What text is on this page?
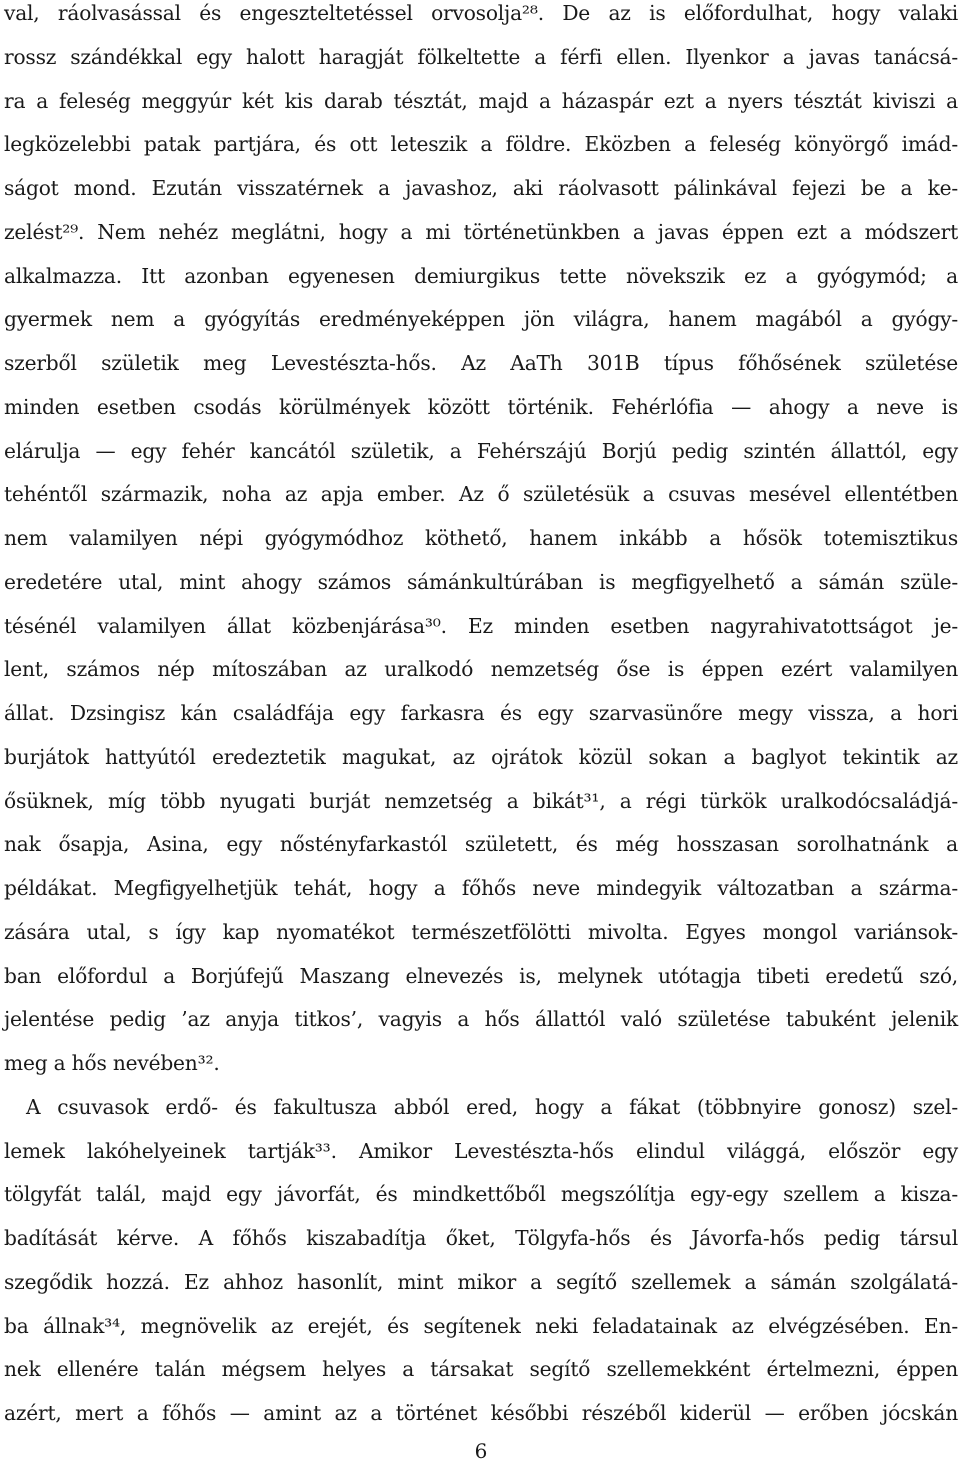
val, ráolvasással és engeszteltetéssel orvosolja²⁸. De az is előfordulhat, hogy valaki
rossz szándékkal egy halott haragját fölkeltette a férfi ellen. Ilyenkor a javas tanácsá-
ra a feleség meggyúr két kis darab tésztát, majd a házaspár ezt a nyers tésztát kiviszi a
legközelebbi patak partjára, és ott leteszik a földre. Eközben a feleség könyörgő imád-
ságot mond. Ezután visszatérnek a javashoz, aki ráolvasott pálinkával fejezi be a ke-
zelést²⁹. Nem nehéz meglátni, hogy a mi történetünkben a javas éppen ezt a módszert
alkalmazza. Itt azonban egyenesen demiurgikus tette növekszik ez a gyógymód; a
gyermek nem a gyógyítás eredményeképpen jön világra, hanem magából a gyógy-
szerből születik meg Levestészta-hős. Az AaTh 301B típus főhősének születése
minden esetben csodás körülmények között történik. Fehérlófia — ahogy a neve is
elárulja — egy fehér kancától születik, a Fehérszájú Borjú pedig szintén állattól, egy
tehéntől származik, noha az apja ember. Az ő születésük a csuvas mesével ellentétben
nem valamilyen népi gyógymódhoz köthető, hanem inkább a hősök totemisztikus
eredetére utal, mint ahogy számos sámánkultúrában is megfigyelhető a sámán szüle-
tésénél valamilyen állat közbenjárása³⁰. Ez minden esetben nagyrahivatottságot je-
lent, számos nép mítoszában az uralkodó nemzetség őse is éppen ezért valamilyen
állat. Dzsingisz kán családfája egy farkasra és egy szarvasünőre megy vissza, a hori
burjátok hattyútól eredeztetik magukat, az ojrátok közül sokan a baglyot tekintik az
ősüknek, míg több nyugati burját nemzetség a bikát³¹, a régi türkök uralkodócsaládjá-
nak ősapja, Asina, egy nőstényfarkastól született, és még hosszasan sorolhatnánk a
példákat. Megfigyelhetjük tehát, hogy a főhős neve mindegyik változatban a szárma-
zására utal, s így kap nyomatékot természetfölötti mivolta. Egyes mongol variánsok-
ban előfordul a Borjúfejű Maszang elnevezés is, melynek utótagja tibeti eredetű szó,
jelentése pedig ’az anyja titkos’, vagyis a hős állattól való születése tabuként jelenik
meg a hős nevében³².
A csuvasok erdő- és fakultusza abból ered, hogy a fákat (többnyire gonosz) szel-
lemek lakóhelyeinek tartják³³. Amikor Levestészta-hős elindul világgá, először egy
tölgyfát talál, majd egy jávorfát, és mindkettőből megszólítja egy-egy szellem a kisza-
badítását kérve. A főhős kiszabadítja őket, Tölgyfa-hős és Jávorfa-hős pedig társul
szegődik hozzá. Ez ahhoz hasonlít, mint mikor a segítő szellemek a sámán szolgálatá-
ba állnak³⁴, megnövelik az erejét, és segítenek neki feladatainak az elvégzésében. En-
nek ellenére talán mégsem helyes a társakat segítő szellemekként értelmezni, éppen
azért, mert a főhős — amint az a történet későbbi részéből kiderül — erőben jócskán
6
